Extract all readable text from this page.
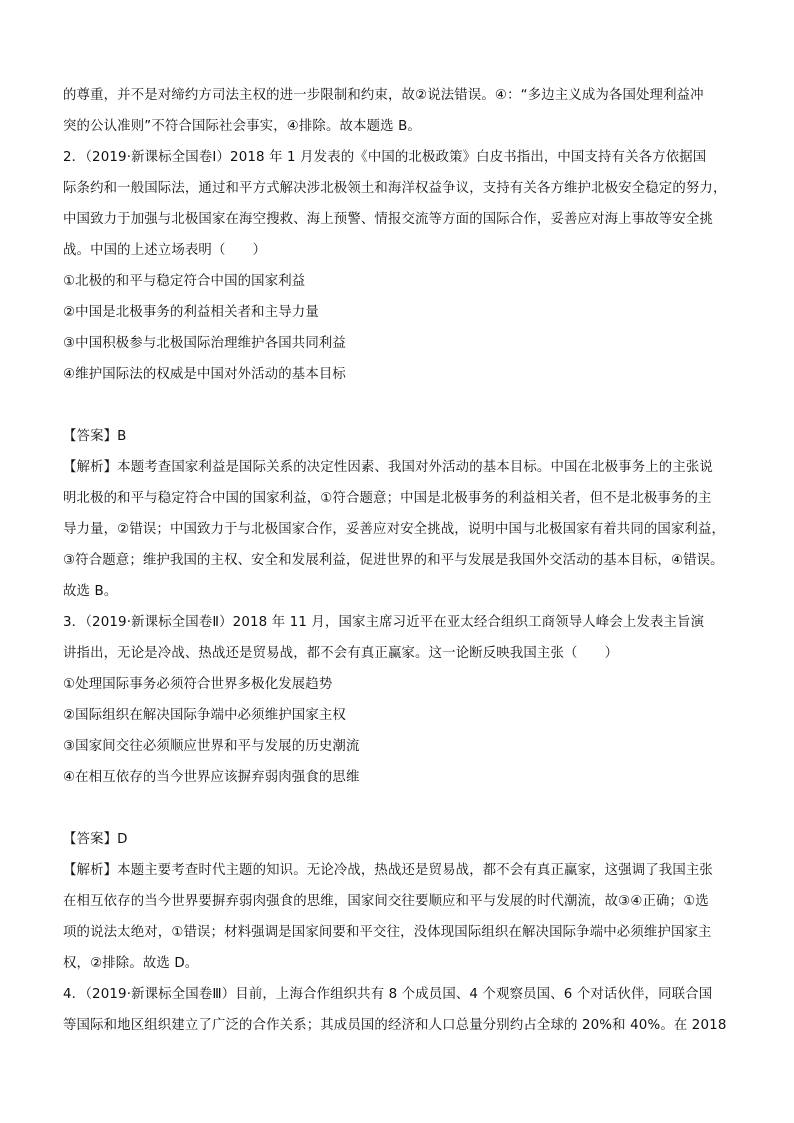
的尊重，并不是对缔约方司法主权的进一步限制和约束，故②说法错误。④：“多边主义成为各国处理利益冲
突的公认准则”不符合国际社会事实，④排除。故本题选 B。
2．（2019·新课标全国卷Ⅰ）2018 年 1 月发表的《中国的北极政策》白皮书指出，中国支持有关各方依据国
际条约和一般国际法，通过和平方式解决涉北极领土和海洋权益争议，支持有关各方维护北极安全稳定的努力，
中国致力于加强与北极国家在海空搜救、海上预警、情报交流等方面的国际合作，妥善应对海上事故等安全挑
战。中国的上述立场表明（　　）
①北极的和平与稳定符合中国的国家利益
②中国是北极事务的利益相关者和主导力量
③中国积极参与北极国际治理维护各国共同利益
④维护国际法的权威是中国对外活动的基本目标
【答案】B
【解析】本题考查国家利益是国际关系的决定性因素、我国对外活动的基本目标。中国在北极事务上的主张说
明北极的和平与稳定符合中国的国家利益，①符合题意；中国是北极事务的利益相关者，但不是北极事务的主
导力量，②错误；中国致力于与北极国家合作，妥善应对安全挑战，说明中国与北极国家有着共同的国家利益，
③符合题意；维护我国的主权、安全和发展利益，促进世界的和平与发展是我国外交活动的基本目标，④错误。
故选 B。
3．（2019·新课标全国卷Ⅱ）2018 年 11 月，国家主席习近平在亚太经合组织工商领导人峰会上发表主旨演
讲指出，无论是冷战、热战还是贸易战，都不会有真正赢家。这一论断反映我国主张（　　）
①处理国际事务必须符合世界多极化发展趋势
②国际组织在解决国际争端中必须维护国家主权
③国家间交往必须顺应世界和平与发展的历史潮流
④在相互依存的当今世界应该摒弃弱肉强食的思维
【答案】D
【解析】本题主要考查时代主题的知识。无论冷战，热战还是贸易战，都不会有真正赢家，这强调了我国主张
在相互依存的当今世界要摒弃弱肉强食的思维，国家间交往要顺应和平与发展的时代潮流，故③④正确；①选
项的说法太绝对，①错误；材料强调是国家间要和平交往，没体现国际组织在解决国际争端中必须维护国家主
权，②排除。故选 D。
4．（2019·新课标全国卷Ⅲ）目前，上海合作组织共有 8 个成员国、4 个观察员国、6 个对话伙伴，同联合国
等国际和地区组织建立了广泛的合作关系；其成员国的经济和人口总量分别约占全球的 20%和 40%。在 2018
